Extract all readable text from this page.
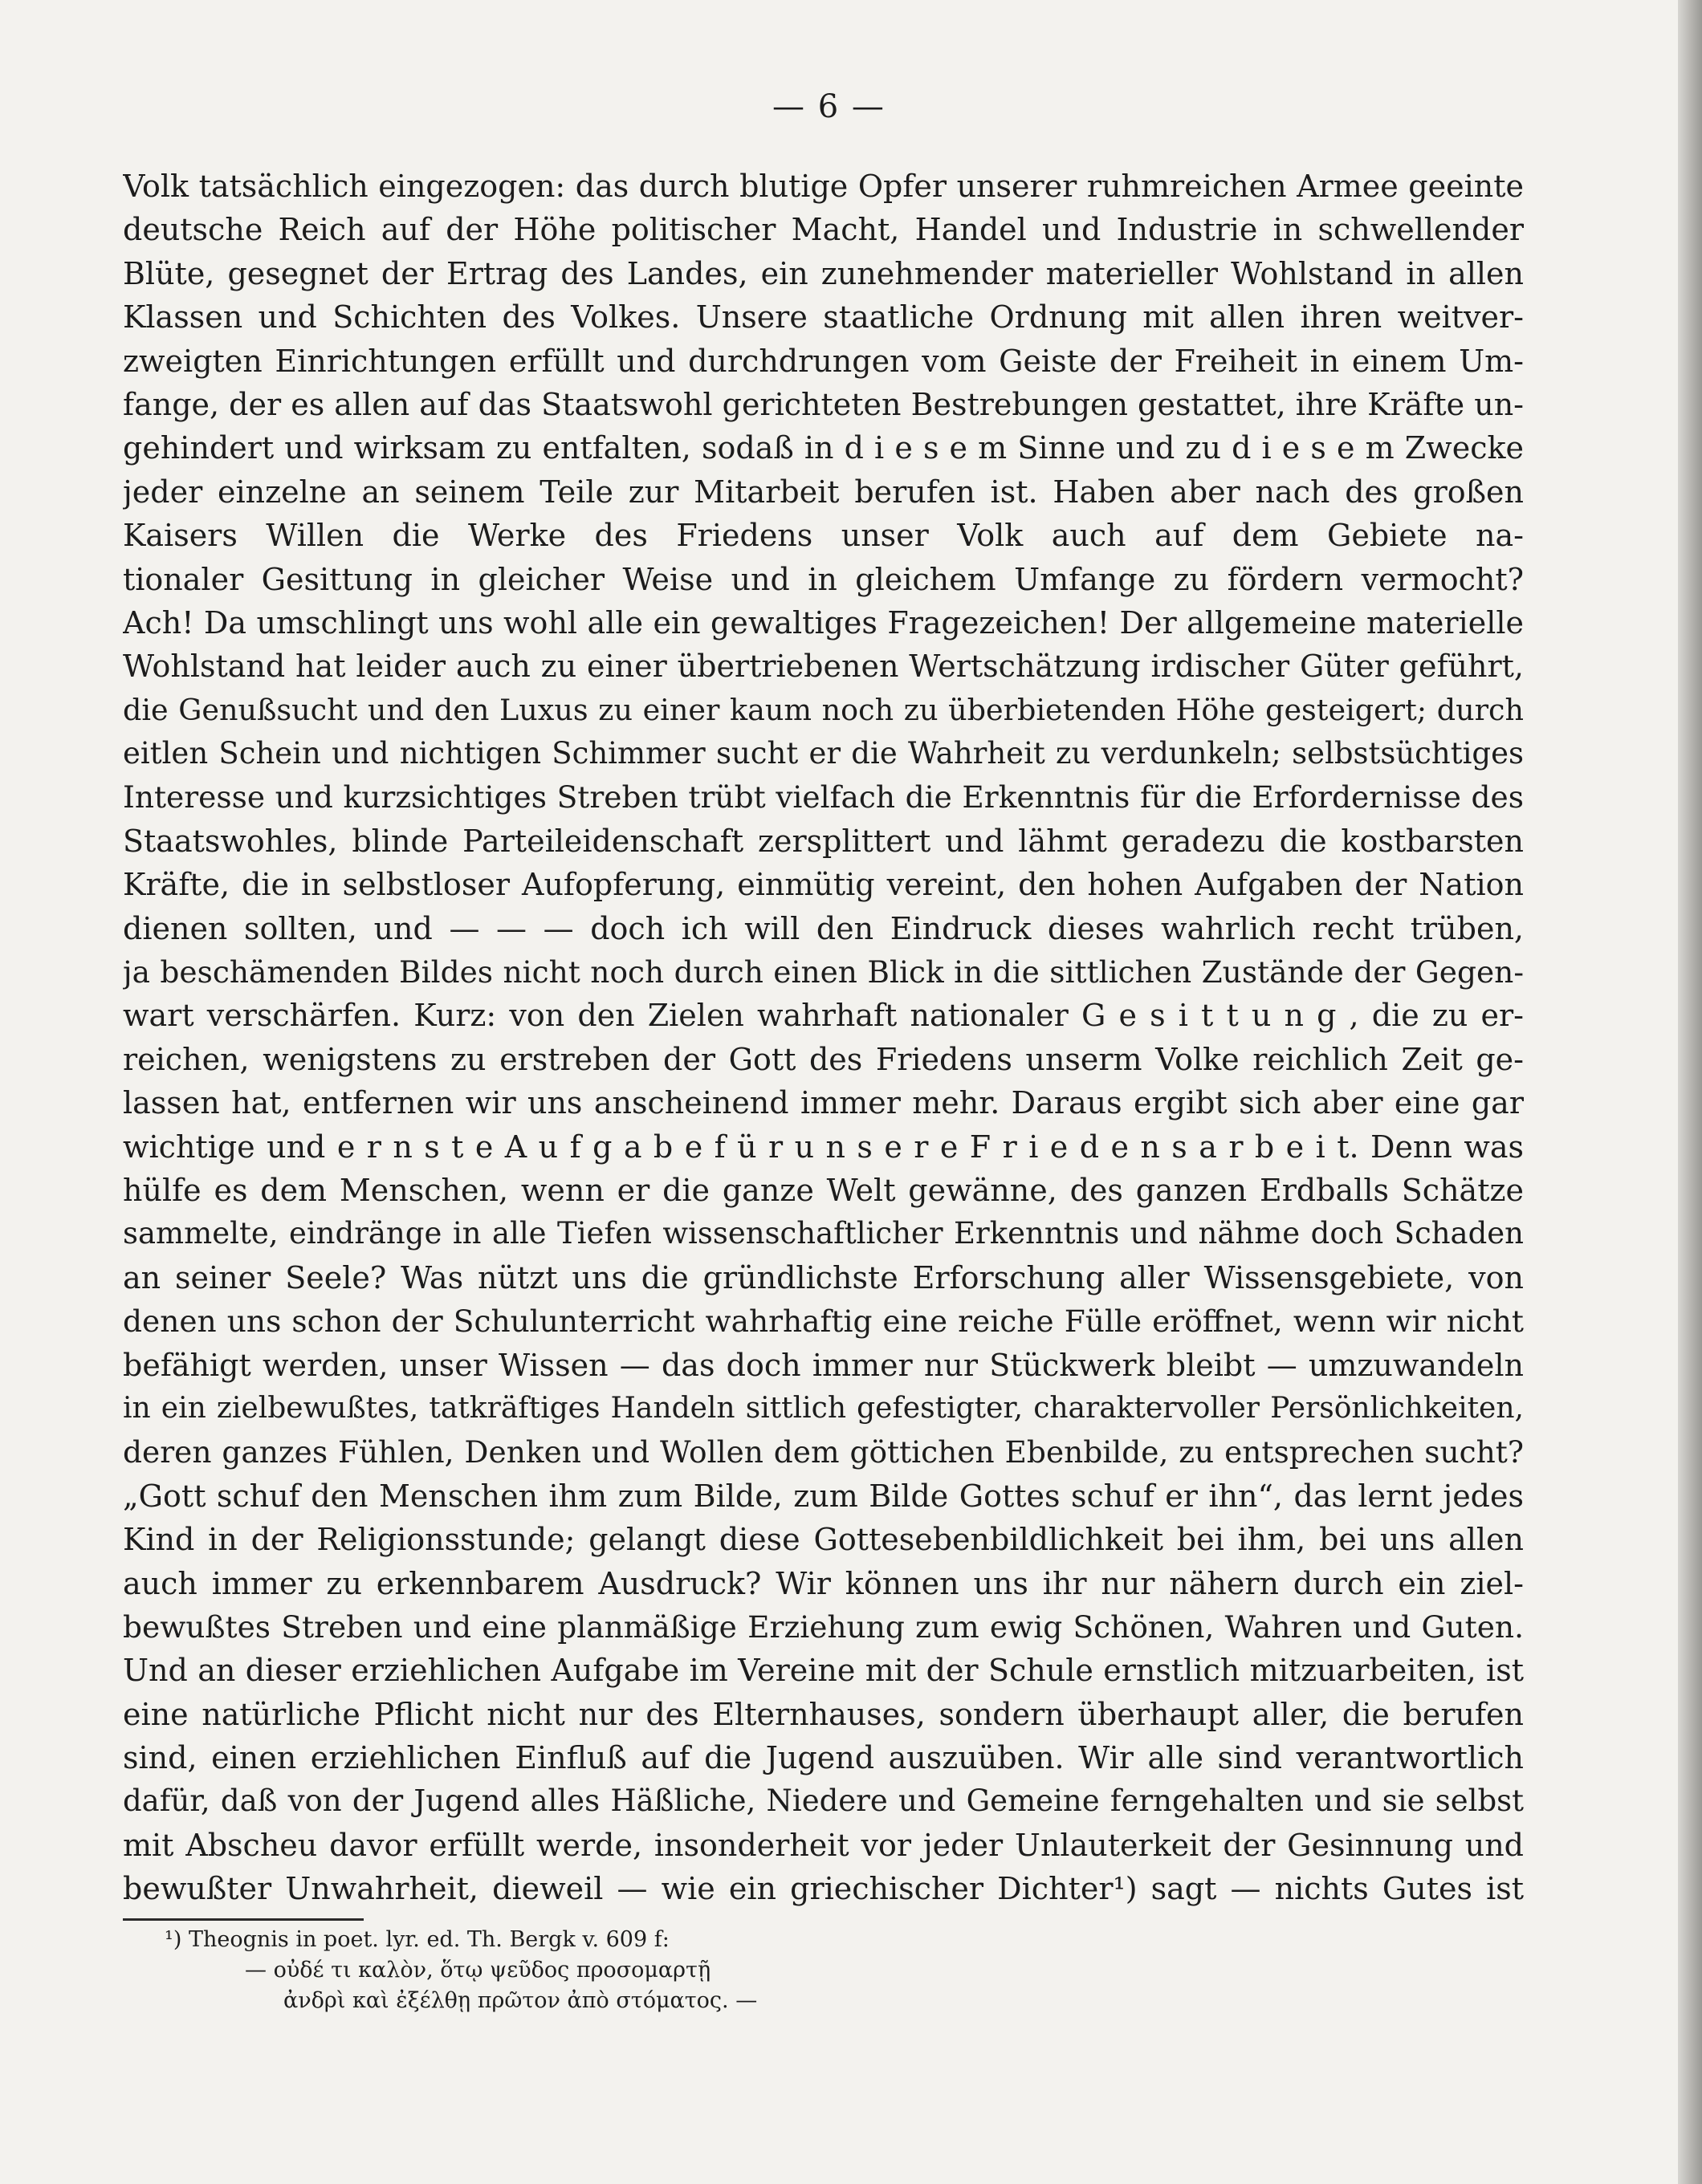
— 6 —
Volk tatsächlich eingezogen: das durch blutige Opfer unserer ruhmreichen Armee geeinte
deutsche Reich auf der Höhe politischer Macht, Handel und Industrie in schwellender
Blüte, gesegnet der Ertrag des Landes, ein zunehmender materieller Wohlstand in allen
Klassen und Schichten des Volkes. Unsere staatliche Ordnung mit allen ihren weitver-
zweigten Einrichtungen erfüllt und durchdrungen vom Geiste der Freiheit in einem Um-
fange, der es allen auf das Staatswohl gerichteten Bestrebungen gestattet, ihre Kräfte un-
gehindert und wirksam zu entfalten, sodaß in d i e s e m Sinne und zu d i e s e m Zwecke
jeder einzelne an seinem Teile zur Mitarbeit berufen ist. Haben aber nach des großen
Kaisers Willen die Werke des Friedens unser Volk auch auf dem Gebiete na-
tionaler Gesittung in gleicher Weise und in gleichem Umfange zu fördern vermocht?
Ach! Da umschlingt uns wohl alle ein gewaltiges Fragezeichen! Der allgemeine materielle
Wohlstand hat leider auch zu einer übertriebenen Wertschätzung irdischer Güter geführt,
die Genußsucht und den Luxus zu einer kaum noch zu überbietenden Höhe gesteigert; durch
eitlen Schein und nichtigen Schimmer sucht er die Wahrheit zu verdunkeln; selbstsüchtiges
Interesse und kurzsichtiges Streben trübt vielfach die Erkenntnis für die Erfordernisse des
Staatswohles, blinde Parteileidenschaft zersplittert und lähmt geradezu die kostbarsten
Kräfte, die in selbstloser Aufopferung, einmütig vereint, den hohen Aufgaben der Nation
dienen sollten, und — — — doch ich will den Eindruck dieses wahrlich recht trüben,
ja beschämenden Bildes nicht noch durch einen Blick in die sittlichen Zustände der Gegen-
wart verschärfen. Kurz: von den Zielen wahrhaft nationaler G e s i t t u n g , die zu er-
reichen, wenigstens zu erstreben der Gott des Friedens unserm Volke reichlich Zeit ge-
lassen hat, entfernen wir uns anscheinend immer mehr. Daraus ergibt sich aber eine gar
wichtige und e r n s t e A u f g a b e f ü r u n s e r e F r i e d e n s a r b e i t. Denn was
hülfe es dem Menschen, wenn er die ganze Welt gewänne, des ganzen Erdballs Schätze
sammelte, eindränge in alle Tiefen wissenschaftlicher Erkenntnis und nähme doch Schaden
an seiner Seele? Was nützt uns die gründlichste Erforschung aller Wissensgebiete, von
denen uns schon der Schulunterricht wahrhaftig eine reiche Fülle eröffnet, wenn wir nicht
befähigt werden, unser Wissen — das doch immer nur Stückwerk bleibt — umzuwandeln
in ein zielbewußtes, tatkräftiges Handeln sittlich gefestigter, charaktervoller Persönlichkeiten,
deren ganzes Fühlen, Denken und Wollen dem göttichen Ebenbilde, zu entsprechen sucht?
„Gott schuf den Menschen ihm zum Bilde, zum Bilde Gottes schuf er ihn“, das lernt jedes
Kind in der Religionsstunde; gelangt diese Gottesebenbildlichkeit bei ihm, bei uns allen
auch immer zu erkennbarem Ausdruck? Wir können uns ihr nur nähern durch ein ziel-
bewußtes Streben und eine planmäßige Erziehung zum ewig Schönen, Wahren und Guten.
Und an dieser erziehlichen Aufgabe im Vereine mit der Schule ernstlich mitzuarbeiten, ist
eine natürliche Pflicht nicht nur des Elternhauses, sondern überhaupt aller, die berufen
sind, einen erziehlichen Einfluß auf die Jugend auszuüben. Wir alle sind verantwortlich
dafür, daß von der Jugend alles Häßliche, Niedere und Gemeine ferngehalten und sie selbst
mit Abscheu davor erfüllt werde, insonderheit vor jeder Unlauterkeit der Gesinnung und
bewußter Unwahrheit, dieweil — wie ein griechischer Dichter¹) sagt — nichts Gutes ist
¹) Theognis in poet. lyr. ed. Th. Bergk v. 609 f:
— οὐδέ τι καλὸν, ὅτῳ ψεῦδος προσομαρτῇ
ἀνδρὶ καὶ ἐξέλθῃ πρῶτον ἀπὸ στόματος. —
